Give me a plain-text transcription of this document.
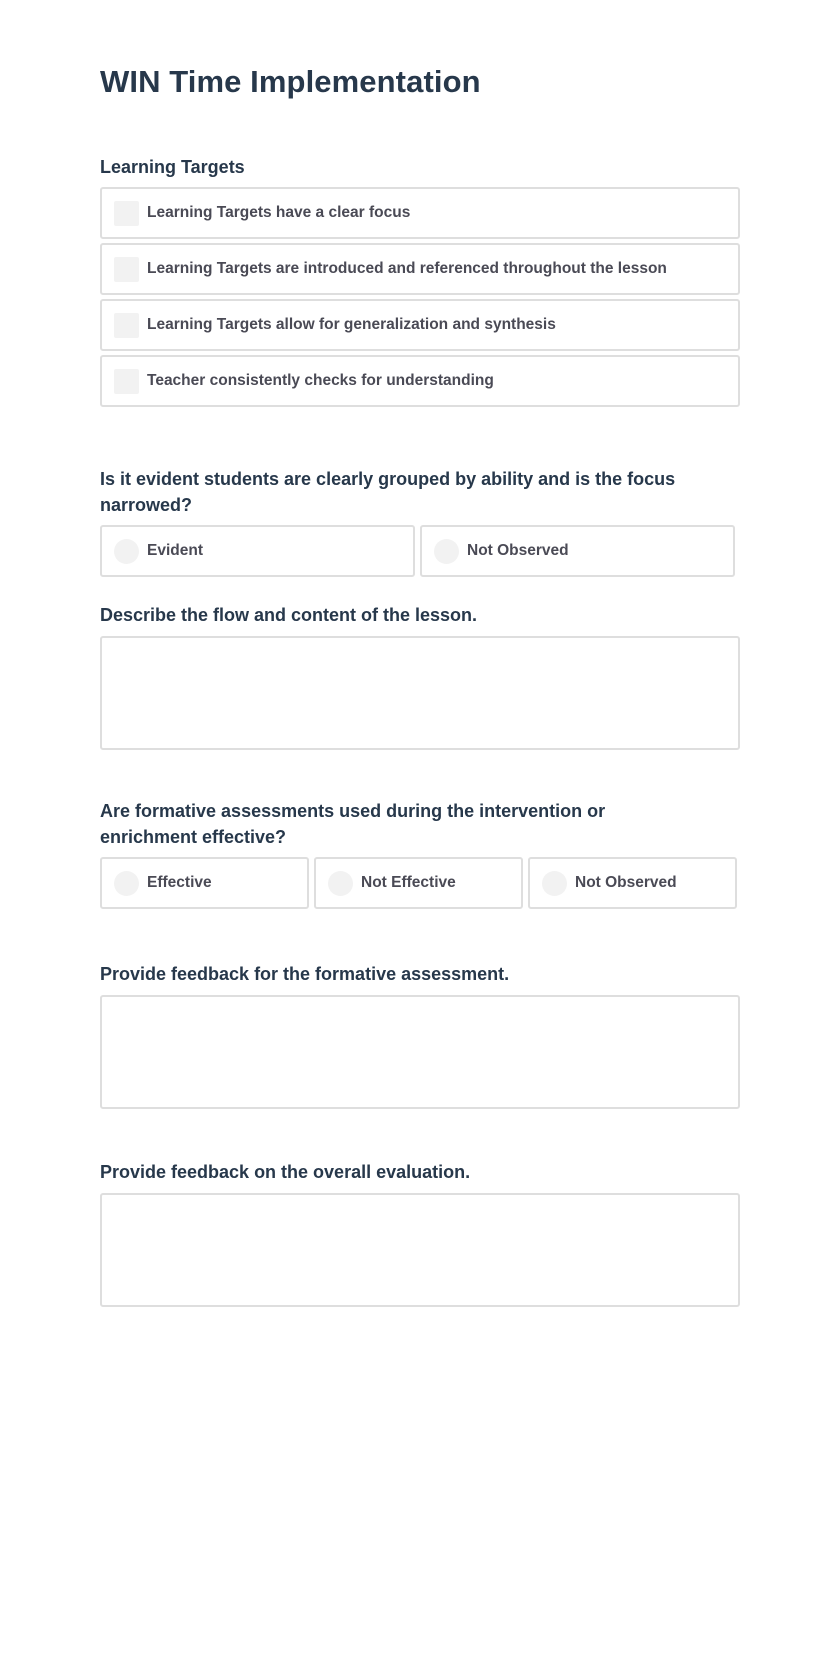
WIN Time Implementation
Learning Targets
Learning Targets have a clear focus
Learning Targets are introduced and referenced throughout the lesson
Learning Targets allow for generalization and synthesis
Teacher consistently checks for understanding
Is it evident students are clearly grouped by ability and is the focus narrowed?
Evident	Not Observed
Describe the flow and content of the lesson.
Are formative assessments used during the intervention or enrichment effective?
Effective	Not Effective	Not Observed
Provide feedback for the formative assessment.
Provide feedback on the overall evaluation.
